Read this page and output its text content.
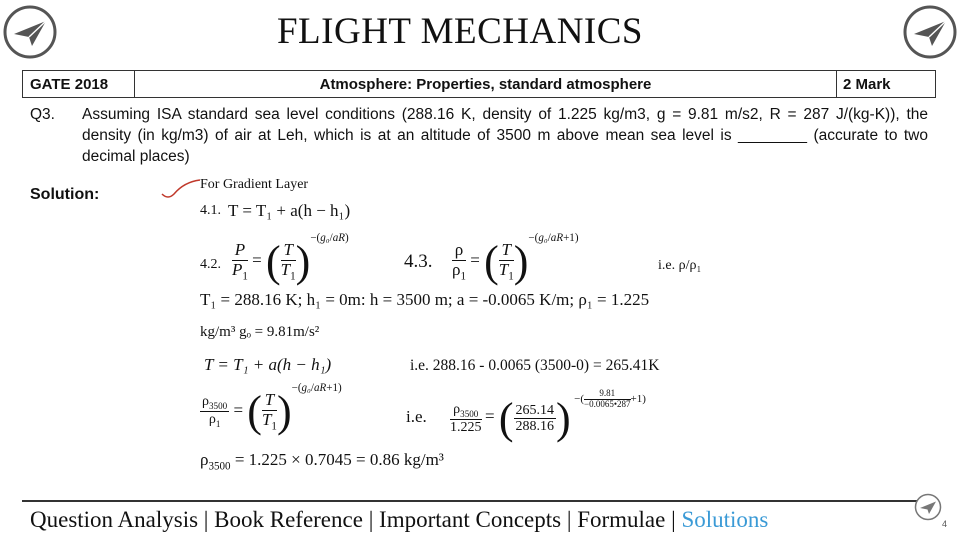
FLIGHT MECHANICS
GATE 2018	Atmosphere: Properties, standard atmosphere	2 Mark
Q3. Assuming ISA standard sea level conditions (288.16 K, density of 1.225 kg/m3, g = 9.81 m/s2, R = 287 J/(kg-K)), the density (in kg/m3) of air at Leh, which is at an altitude of 3500 m above mean sea level is ________ (accurate to two decimal places)
Solution:
For Gradient Layer
4.1. T = T₁ + a(h − h₁)
4.2. $\frac{P}{P_1}$ = ( $\frac{T}{T_1} )^{-(g_0/aR)}$
4.3. $\frac{\rho}{\rho_1}$ = ( $\frac{T}{T_1} )^{-(g_0/aR+1)}$
i.e. ρ/ρ₁
T₁ = 288.16 K; h₁ = 0m: h = 3500 m; a = -0.0065 K/m; ρ₁ = 1.225
kg/m³ gₒ = 9.81m/s²
T = T₁ + a(h − h₁)	i.e. 288.16 - 0.0065 (3500-0) = 265.41K
$\frac{\rho_{3500}}{\rho_1}$ = ( $\frac{T}{T_1} )^{-(g_0/aR+1)}$
i.e. $\frac{\rho_{3500}}{1.225}$ = ( $\frac{265.14}{288.16}$ ) $^{-( \frac{9.81}{-0.0065•287} +1)}$
$\rho_{3500} = 1.225 \times 0.7045 = 0.86$ kg/m³
Question Analysis | Book Reference | Important Concepts | Formulae | Solutions	4
